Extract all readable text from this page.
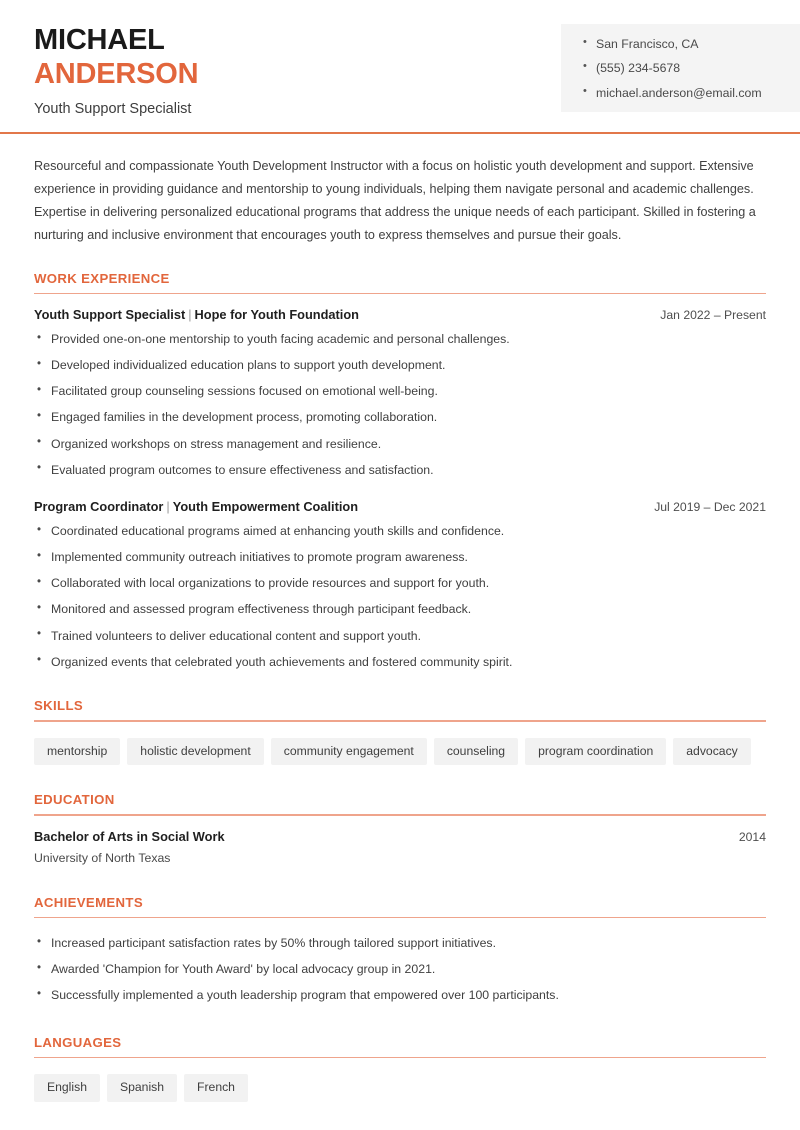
MICHAEL
ANDERSON
Youth Support Specialist
• San Francisco, CA
• (555) 234-5678
• michael.anderson@email.com

Resourceful and compassionate Youth Development Instructor with a focus on holistic youth development and support. Extensive experience in providing guidance and mentorship to young individuals, helping them navigate personal and academic challenges. Expertise in delivering personalized educational programs that address the unique needs of each participant. Skilled in fostering a nurturing and inclusive environment that encourages youth to express themselves and pursue their goals.

WORK EXPERIENCE
Youth Support Specialist | Hope for Youth Foundation	Jan 2022 – Present
• Provided one-on-one mentorship to youth facing academic and personal challenges.
• Developed individualized education plans to support youth development.
• Facilitated group counseling sessions focused on emotional well-being.
• Engaged families in the development process, promoting collaboration.
• Organized workshops on stress management and resilience.
• Evaluated program outcomes to ensure effectiveness and satisfaction.
Program Coordinator | Youth Empowerment Coalition	Jul 2019 – Dec 2021
• Coordinated educational programs aimed at enhancing youth skills and confidence.
• Implemented community outreach initiatives to promote program awareness.
• Collaborated with local organizations to provide resources and support for youth.
• Monitored and assessed program effectiveness through participant feedback.
• Trained volunteers to deliver educational content and support youth.
• Organized events that celebrated youth achievements and fostered community spirit.
SKILLS
mentorship	holistic development	community engagement	counseling	program coordination	advocacy
EDUCATION
Bachelor of Arts in Social Work	2014
University of North Texas
ACHIEVEMENTS
• Increased participant satisfaction rates by 50% through tailored support initiatives.
• Awarded 'Champion for Youth Award' by local advocacy group in 2021.
• Successfully implemented a youth leadership program that empowered over 100 participants.
LANGUAGES
English	Spanish	French
